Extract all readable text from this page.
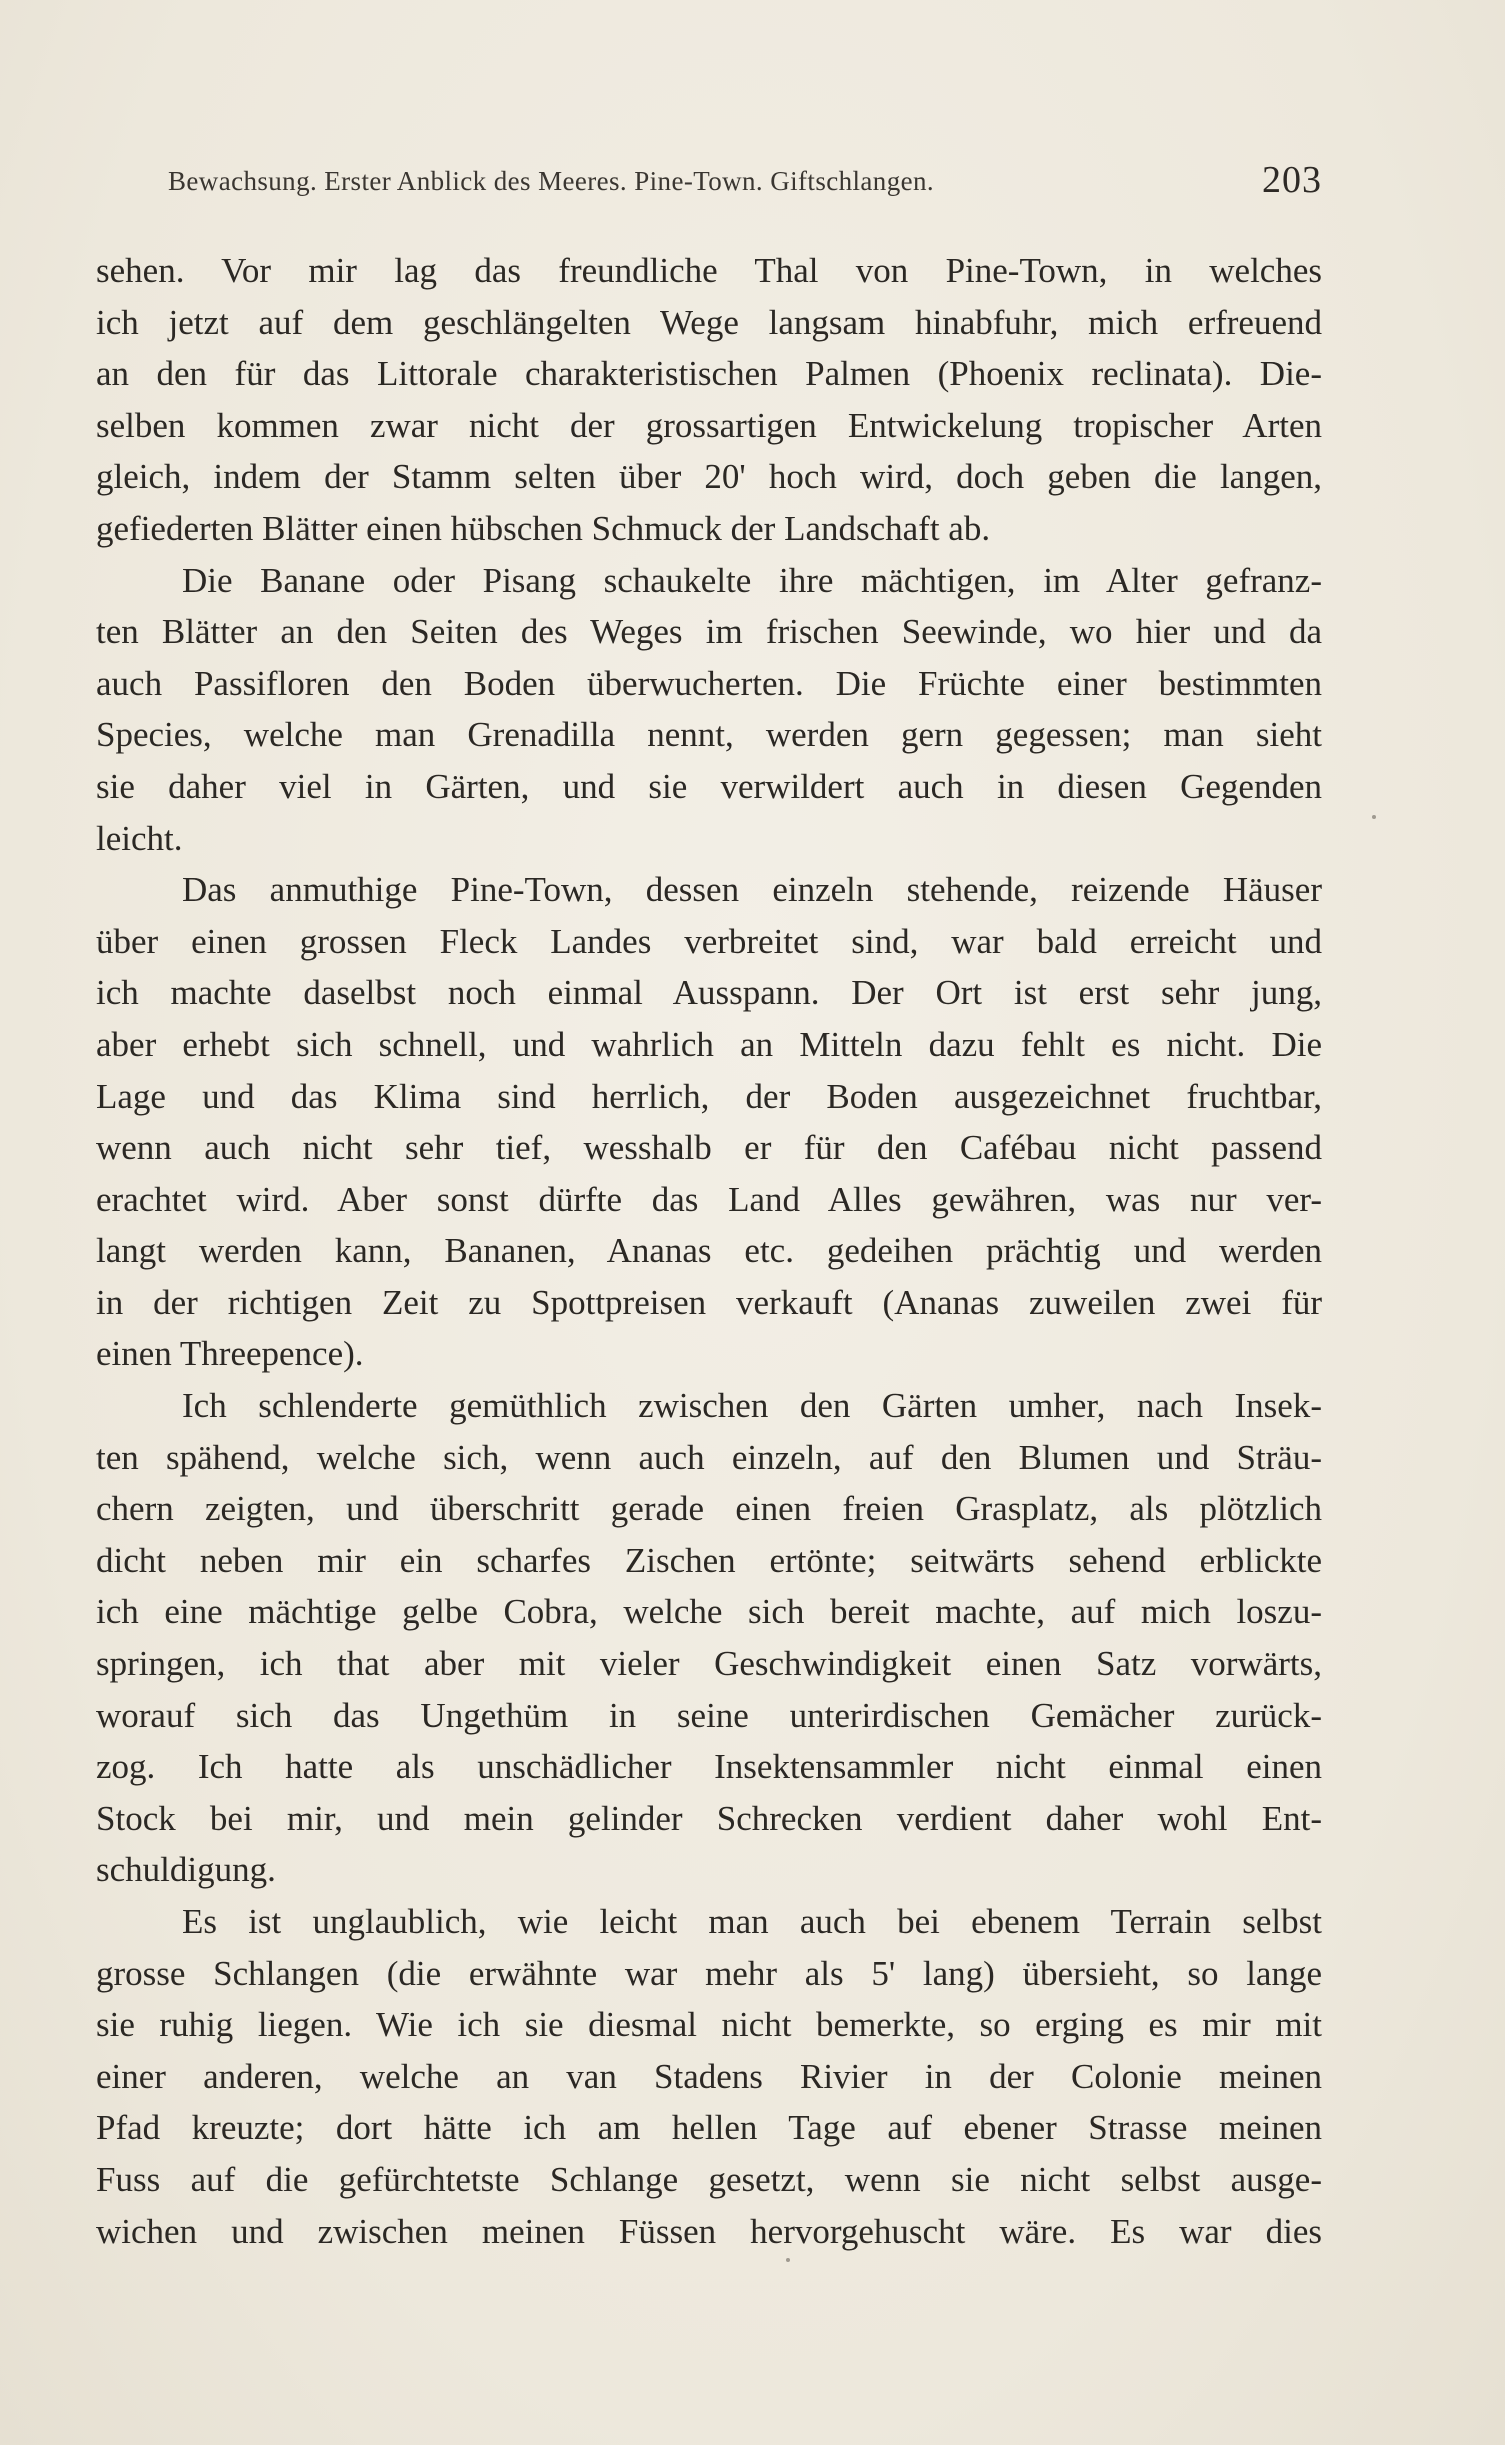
Bewachsung. Erster Anblick des Meeres. Pine-Town. Giftschlangen.	203
sehen. Vor mir lag das freundliche Thal von Pine-Town, in welches
ich jetzt auf dem geschlängelten Wege langsam hinabfuhr, mich erfreuend
an den für das Littorale charakteristischen Palmen (Phoenix reclinata). Die-
selben kommen zwar nicht der grossartigen Entwickelung tropischer Arten
gleich, indem der Stamm selten über 20' hoch wird, doch geben die langen,
gefiederten Blätter einen hübschen Schmuck der Landschaft ab.
Die Banane oder Pisang schaukelte ihre mächtigen, im Alter gefranz-
ten Blätter an den Seiten des Weges im frischen Seewinde, wo hier und da
auch Passifloren den Boden überwucherten. Die Früchte einer bestimmten
Species, welche man Grenadilla nennt, werden gern gegessen; man sieht
sie daher viel in Gärten, und sie verwildert auch in diesen Gegenden
leicht.
Das anmuthige Pine-Town, dessen einzeln stehende, reizende Häuser
über einen grossen Fleck Landes verbreitet sind, war bald erreicht und
ich machte daselbst noch einmal Ausspann. Der Ort ist erst sehr jung,
aber erhebt sich schnell, und wahrlich an Mitteln dazu fehlt es nicht. Die
Lage und das Klima sind herrlich, der Boden ausgezeichnet fruchtbar,
wenn auch nicht sehr tief, wesshalb er für den Cafébau nicht passend
erachtet wird. Aber sonst dürfte das Land Alles gewähren, was nur ver-
langt werden kann, Bananen, Ananas etc. gedeihen prächtig und werden
in der richtigen Zeit zu Spottpreisen verkauft (Ananas zuweilen zwei für
einen Threepence).
Ich schlenderte gemüthlich zwischen den Gärten umher, nach Insek-
ten spähend, welche sich, wenn auch einzeln, auf den Blumen und Sträu-
chern zeigten, und überschritt gerade einen freien Grasplatz, als plötzlich
dicht neben mir ein scharfes Zischen ertönte; seitwärts sehend erblickte
ich eine mächtige gelbe Cobra, welche sich bereit machte, auf mich loszu-
springen, ich that aber mit vieler Geschwindigkeit einen Satz vorwärts,
worauf sich das Ungethüm in seine unterirdischen Gemächer zurück-
zog. Ich hatte als unschädlicher Insektensammler nicht einmal einen
Stock bei mir, und mein gelinder Schrecken verdient daher wohl Ent-
schuldigung.
Es ist unglaublich, wie leicht man auch bei ebenem Terrain selbst
grosse Schlangen (die erwähnte war mehr als 5' lang) übersieht, so lange
sie ruhig liegen. Wie ich sie diesmal nicht bemerkte, so erging es mir mit
einer anderen, welche an van Stadens Rivier in der Colonie meinen
Pfad kreuzte; dort hätte ich am hellen Tage auf ebener Strasse meinen
Fuss auf die gefürchtetste Schlange gesetzt, wenn sie nicht selbst ausge-
wichen und zwischen meinen Füssen hervorgehuscht wäre. Es war dies
